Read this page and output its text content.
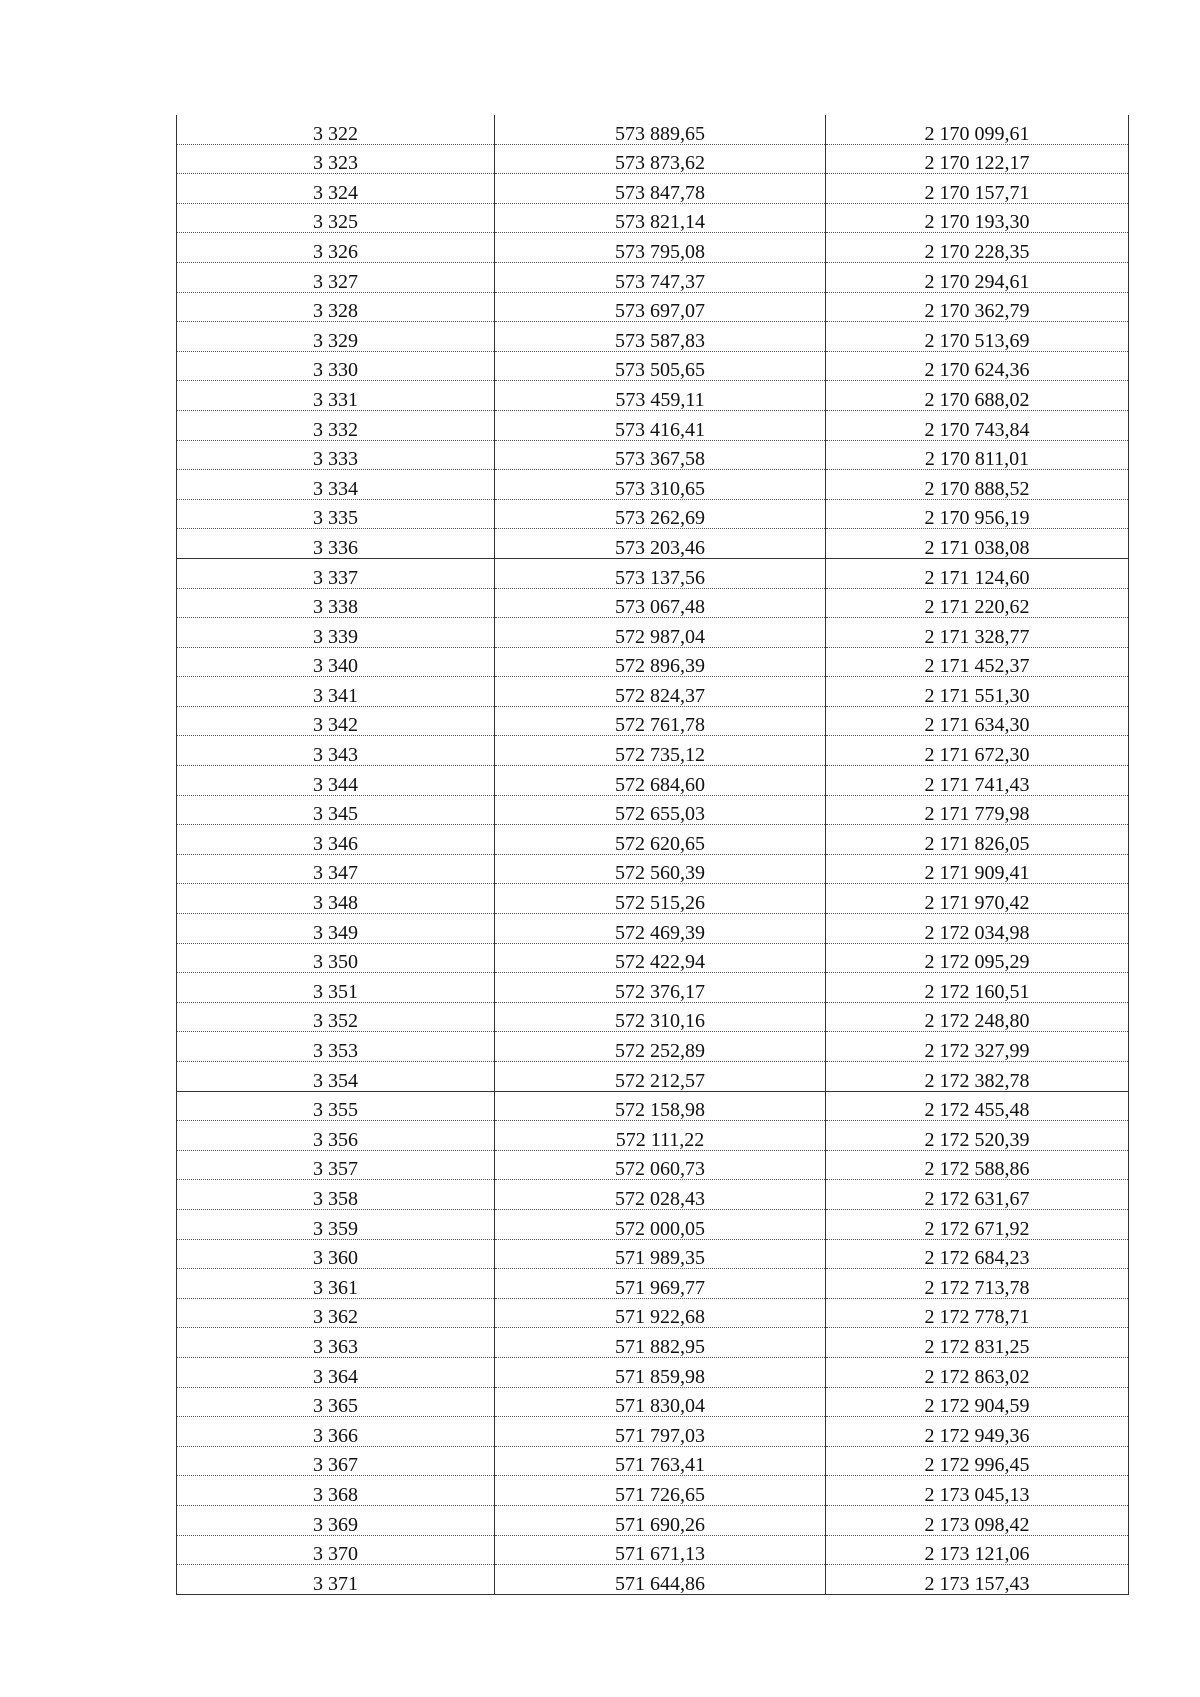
3 322	573 889,65	2 170 099,61
3 323	573 873,62	2 170 122,17
3 324	573 847,78	2 170 157,71
3 325	573 821,14	2 170 193,30
3 326	573 795,08	2 170 228,35
3 327	573 747,37	2 170 294,61
3 328	573 697,07	2 170 362,79
3 329	573 587,83	2 170 513,69
3 330	573 505,65	2 170 624,36
3 331	573 459,11	2 170 688,02
3 332	573 416,41	2 170 743,84
3 333	573 367,58	2 170 811,01
3 334	573 310,65	2 170 888,52
3 335	573 262,69	2 170 956,19
3 336	573 203,46	2 171 038,08
3 337	573 137,56	2 171 124,60
3 338	573 067,48	2 171 220,62
3 339	572 987,04	2 171 328,77
3 340	572 896,39	2 171 452,37
3 341	572 824,37	2 171 551,30
3 342	572 761,78	2 171 634,30
3 343	572 735,12	2 171 672,30
3 344	572 684,60	2 171 741,43
3 345	572 655,03	2 171 779,98
3 346	572 620,65	2 171 826,05
3 347	572 560,39	2 171 909,41
3 348	572 515,26	2 171 970,42
3 349	572 469,39	2 172 034,98
3 350	572 422,94	2 172 095,29
3 351	572 376,17	2 172 160,51
3 352	572 310,16	2 172 248,80
3 353	572 252,89	2 172 327,99
3 354	572 212,57	2 172 382,78
3 355	572 158,98	2 172 455,48
3 356	572 111,22	2 172 520,39
3 357	572 060,73	2 172 588,86
3 358	572 028,43	2 172 631,67
3 359	572 000,05	2 172 671,92
3 360	571 989,35	2 172 684,23
3 361	571 969,77	2 172 713,78
3 362	571 922,68	2 172 778,71
3 363	571 882,95	2 172 831,25
3 364	571 859,98	2 172 863,02
3 365	571 830,04	2 172 904,59
3 366	571 797,03	2 172 949,36
3 367	571 763,41	2 172 996,45
3 368	571 726,65	2 173 045,13
3 369	571 690,26	2 173 098,42
3 370	571 671,13	2 173 121,06
3 371	571 644,86	2 173 157,43
